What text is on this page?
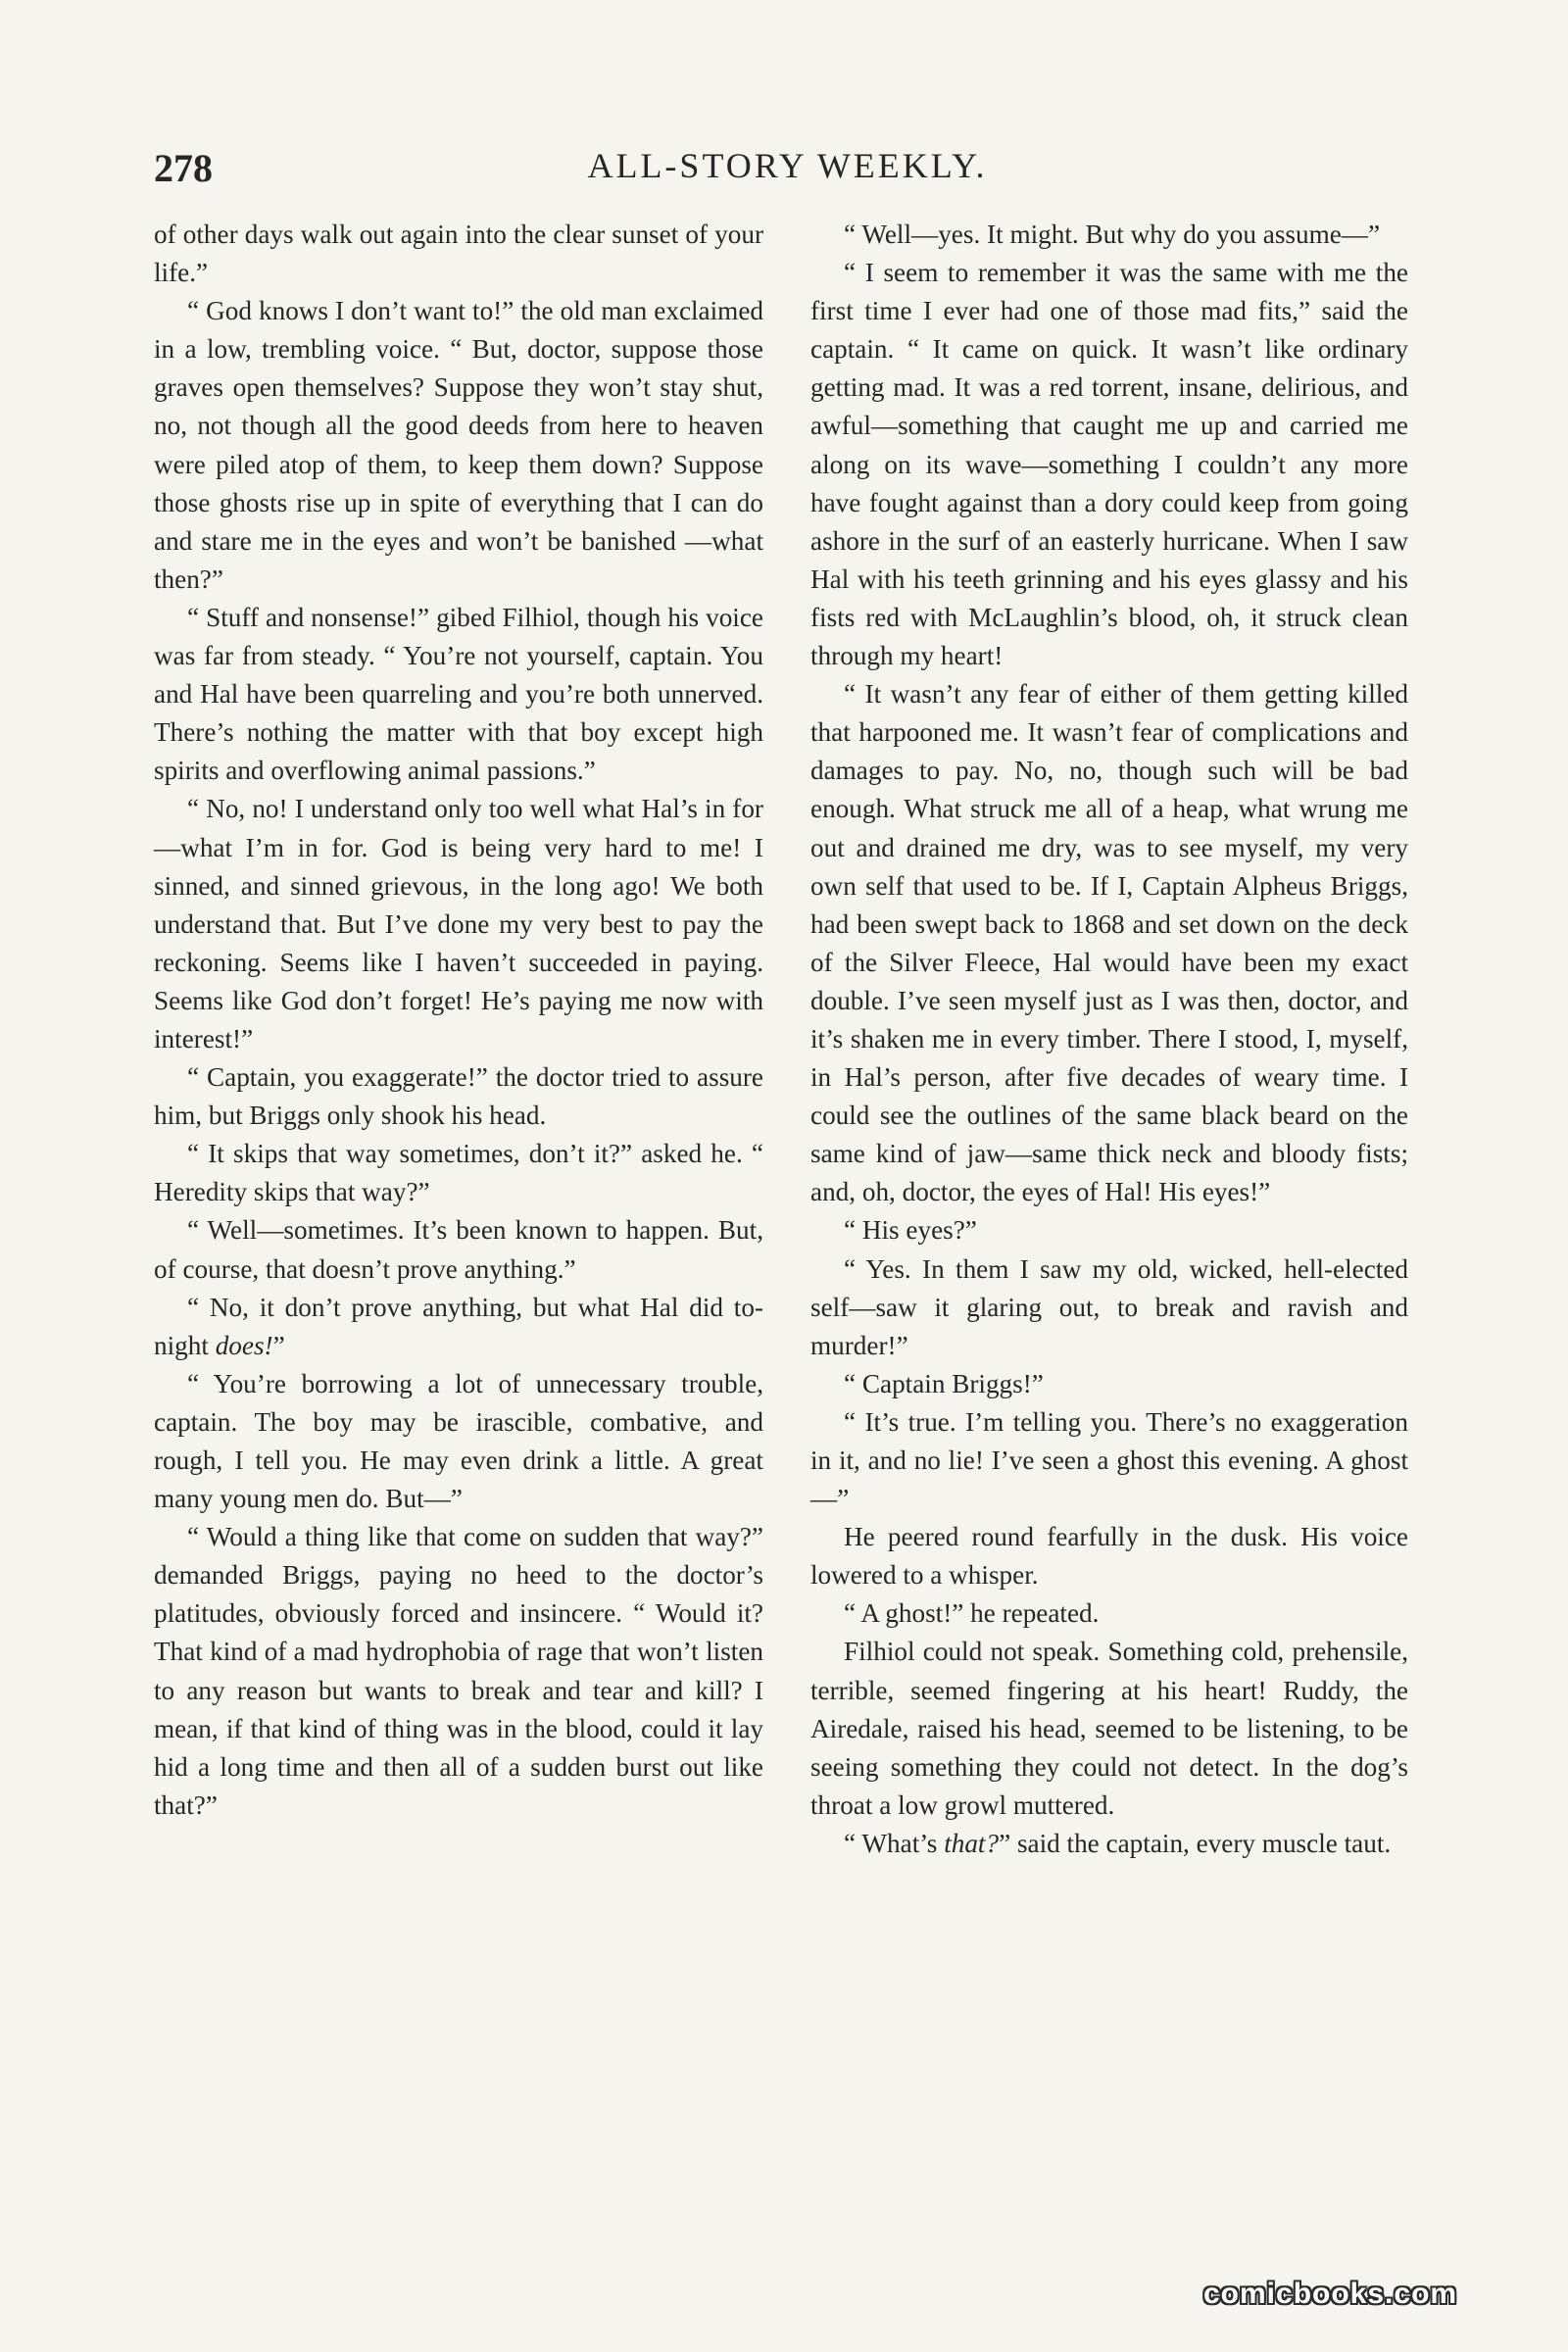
278	ALL-STORY WEEKLY.

of other days walk out again into the clear sunset of your life.”

“ God knows I don’t want to!” the old man exclaimed in a low, trembling voice. “ But, doctor, suppose those graves open themselves? Suppose they won’t stay shut, no, not though all the good deeds from here to heaven were piled atop of them, to keep them down? Suppose those ghosts rise up in spite of everything that I can do and stare me in the eyes and won’t be banished —what then?”

“ Stuff and nonsense!” gibed Filhiol, though his voice was far from steady. “ You’re not yourself, captain. You and Hal have been quarreling and you’re both unnerved. There’s nothing the matter with that boy except high spirits and overflowing animal passions.”

“ No, no! I understand only too well what Hal’s in for—what I’m in for. God is being very hard to me! I sinned, and sinned grievous, in the long ago! We both understand that. But I’ve done my very best to pay the reckoning. Seems like I haven’t succeeded in paying. Seems like God don’t forget! He’s paying me now with interest!”

“ Captain, you exaggerate!” the doctor tried to assure him, but Briggs only shook his head.

“ It skips that way sometimes, don’t it?” asked he. “ Heredity skips that way?”

“ Well—sometimes. It’s been known to happen. But, of course, that doesn’t prove anything.”

“ No, it don’t prove anything, but what Hal did to-night does!”

“ You’re borrowing a lot of unnecessary trouble, captain. The boy may be irascible, combative, and rough, I tell you. He may even drink a little. A great many young men do. But—”

“ Would a thing like that come on sudden that way?” demanded Briggs, paying no heed to the doctor’s platitudes, obviously forced and insincere. “ Would it? That kind of a mad hydrophobia of rage that won’t listen to any reason but wants to break and tear and kill? I mean, if that kind of thing was in the blood, could it lay hid a long time and then all of a sudden burst out like that?”

“ Well—yes. It might. But why do you assume—”

“ I seem to remember it was the same with me the first time I ever had one of those mad fits,” said the captain. “ It came on quick. It wasn’t like ordinary getting mad. It was a red torrent, insane, delirious, and awful—something that caught me up and carried me along on its wave—something I couldn’t any more have fought against than a dory could keep from going ashore in the surf of an easterly hurricane. When I saw Hal with his teeth grinning and his eyes glassy and his fists red with McLaughlin’s blood, oh, it struck clean through my heart!

“ It wasn’t any fear of either of them getting killed that harpooned me. It wasn’t fear of complications and damages to pay. No, no, though such will be bad enough. What struck me all of a heap, what wrung me out and drained me dry, was to see myself, my very own self that used to be. If I, Captain Alpheus Briggs, had been swept back to 1868 and set down on the deck of the Silver Fleece, Hal would have been my exact double. I’ve seen myself just as I was then, doctor, and it’s shaken me in every timber. There I stood, I, myself, in Hal’s person, after five decades of weary time. I could see the outlines of the same black beard on the same kind of jaw—same thick neck and bloody fists; and, oh, doctor, the eyes of Hal! His eyes!”

“ His eyes?”

“ Yes. In them I saw my old, wicked, hell-elected self—saw it glaring out, to break and ravish and murder!”

“ Captain Briggs!”

“ It’s true. I’m telling you. There’s no exaggeration in it, and no lie! I’ve seen a ghost this evening. A ghost—”

He peered round fearfully in the dusk. His voice lowered to a whisper.

“ A ghost!” he repeated.

Filhiol could not speak. Something cold, prehensile, terrible, seemed fingering at his heart! Ruddy, the Airedale, raised his head, seemed to be listening, to be seeing something they could not detect. In the dog’s throat a low growl muttered.

“ What’s that?” said the captain, every muscle taut.

comicbooks.com
